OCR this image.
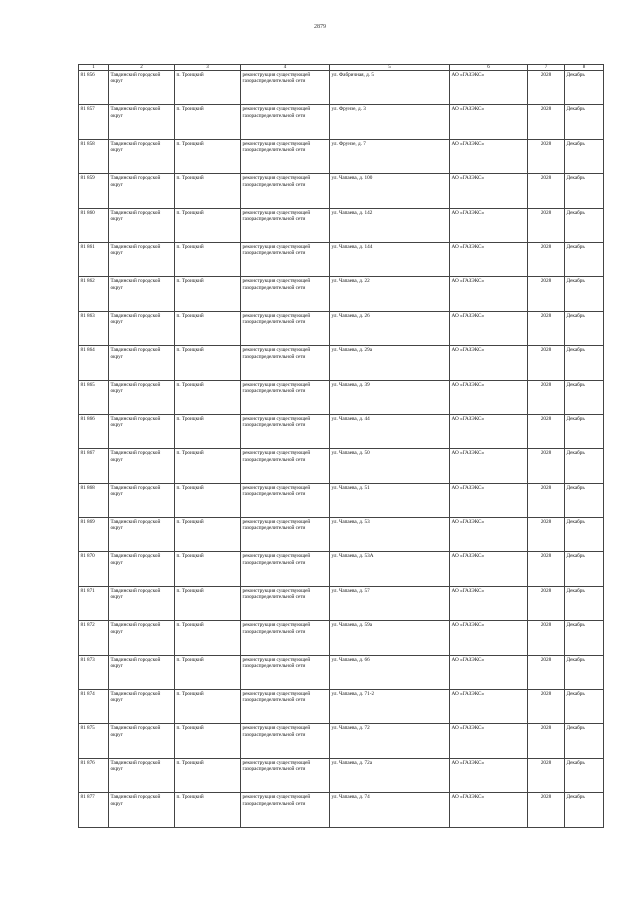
2879
1	2	3	4	5	6	7	8
81 856	Тавдинский городской округ	п. Троицкий	реконструкция существующей газораспределительной сети	ул. Фабричная, д. 5	АО «ГАЗЭКС»	2028	Декабрь
81 857	Тавдинский городской округ	п. Троицкий	реконструкция существующей газораспределительной сети	ул. Фрунзе, д. 3	АО «ГАЗЭКС»	2028	Декабрь
81 858	Тавдинский городской округ	п. Троицкий	реконструкция существующей газораспределительной сети	ул. Фрунзе, д. 7	АО «ГАЗЭКС»	2028	Декабрь
81 859	Тавдинский городской округ	п. Троицкий	реконструкция существующей газораспределительной сети	ул. Чапаева, д. 100	АО «ГАЗЭКС»	2028	Декабрь
81 860	Тавдинский городской округ	п. Троицкий	реконструкция существующей газораспределительной сети	ул. Чапаева, д. 142	АО «ГАЗЭКС»	2028	Декабрь
81 861	Тавдинский городской округ	п. Троицкий	реконструкция существующей газораспределительной сети	ул. Чапаева, д. 144	АО «ГАЗЭКС»	2028	Декабрь
81 862	Тавдинский городской округ	п. Троицкий	реконструкция существующей газораспределительной сети	ул. Чапаева, д. 22	АО «ГАЗЭКС»	2028	Декабрь
81 863	Тавдинский городской округ	п. Троицкий	реконструкция существующей газораспределительной сети	ул. Чапаева, д. 26	АО «ГАЗЭКС»	2028	Декабрь
81 864	Тавдинский городской округ	п. Троицкий	реконструкция существующей газораспределительной сети	ул. Чапаева, д. 29а	АО «ГАЗЭКС»	2028	Декабрь
81 865	Тавдинский городской округ	п. Троицкий	реконструкция существующей газораспределительной сети	ул. Чапаева, д. 39	АО «ГАЗЭКС»	2028	Декабрь
81 866	Тавдинский городской округ	п. Троицкий	реконструкция существующей газораспределительной сети	ул. Чапаева, д. 44	АО «ГАЗЭКС»	2028	Декабрь
81 867	Тавдинский городской округ	п. Троицкий	реконструкция существующей газораспределительной сети	ул. Чапаева, д. 50	АО «ГАЗЭКС»	2028	Декабрь
81 868	Тавдинский городской округ	п. Троицкий	реконструкция существующей газораспределительной сети	ул. Чапаева, д. 51	АО «ГАЗЭКС»	2028	Декабрь
81 869	Тавдинский городской округ	п. Троицкий	реконструкция существующей газораспределительной сети	ул. Чапаева, д. 53	АО «ГАЗЭКС»	2028	Декабрь
81 870	Тавдинский городской округ	п. Троицкий	реконструкция существующей газораспределительной сети	ул. Чапаева, д. 53А	АО «ГАЗЭКС»	2028	Декабрь
81 871	Тавдинский городской округ	п. Троицкий	реконструкция существующей газораспределительной сети	ул. Чапаева, д. 57	АО «ГАЗЭКС»	2028	Декабрь
81 872	Тавдинский городской округ	п. Троицкий	реконструкция существующей газораспределительной сети	ул. Чапаева, д. 59а	АО «ГАЗЭКС»	2028	Декабрь
81 873	Тавдинский городской округ	п. Троицкий	реконструкция существующей газораспределительной сети	ул. Чапаева, д. 66	АО «ГАЗЭКС»	2028	Декабрь
81 874	Тавдинский городской округ	п. Троицкий	реконструкция существующей газораспределительной сети	ул. Чапаева, д. 71-2	АО «ГАЗЭКС»	2028	Декабрь
81 875	Тавдинский городской округ	п. Троицкий	реконструкция существующей газораспределительной сети	ул. Чапаева, д. 72	АО «ГАЗЭКС»	2028	Декабрь
81 876	Тавдинский городской округ	п. Троицкий	реконструкция существующей газораспределительной сети	ул. Чапаева, д. 72а	АО «ГАЗЭКС»	2028	Декабрь
81 877	Тавдинский городской округ	п. Троицкий	реконструкция существующей газораспределительной сети	ул. Чапаева, д. 74	АО «ГАЗЭКС»	2028	Декабрь
